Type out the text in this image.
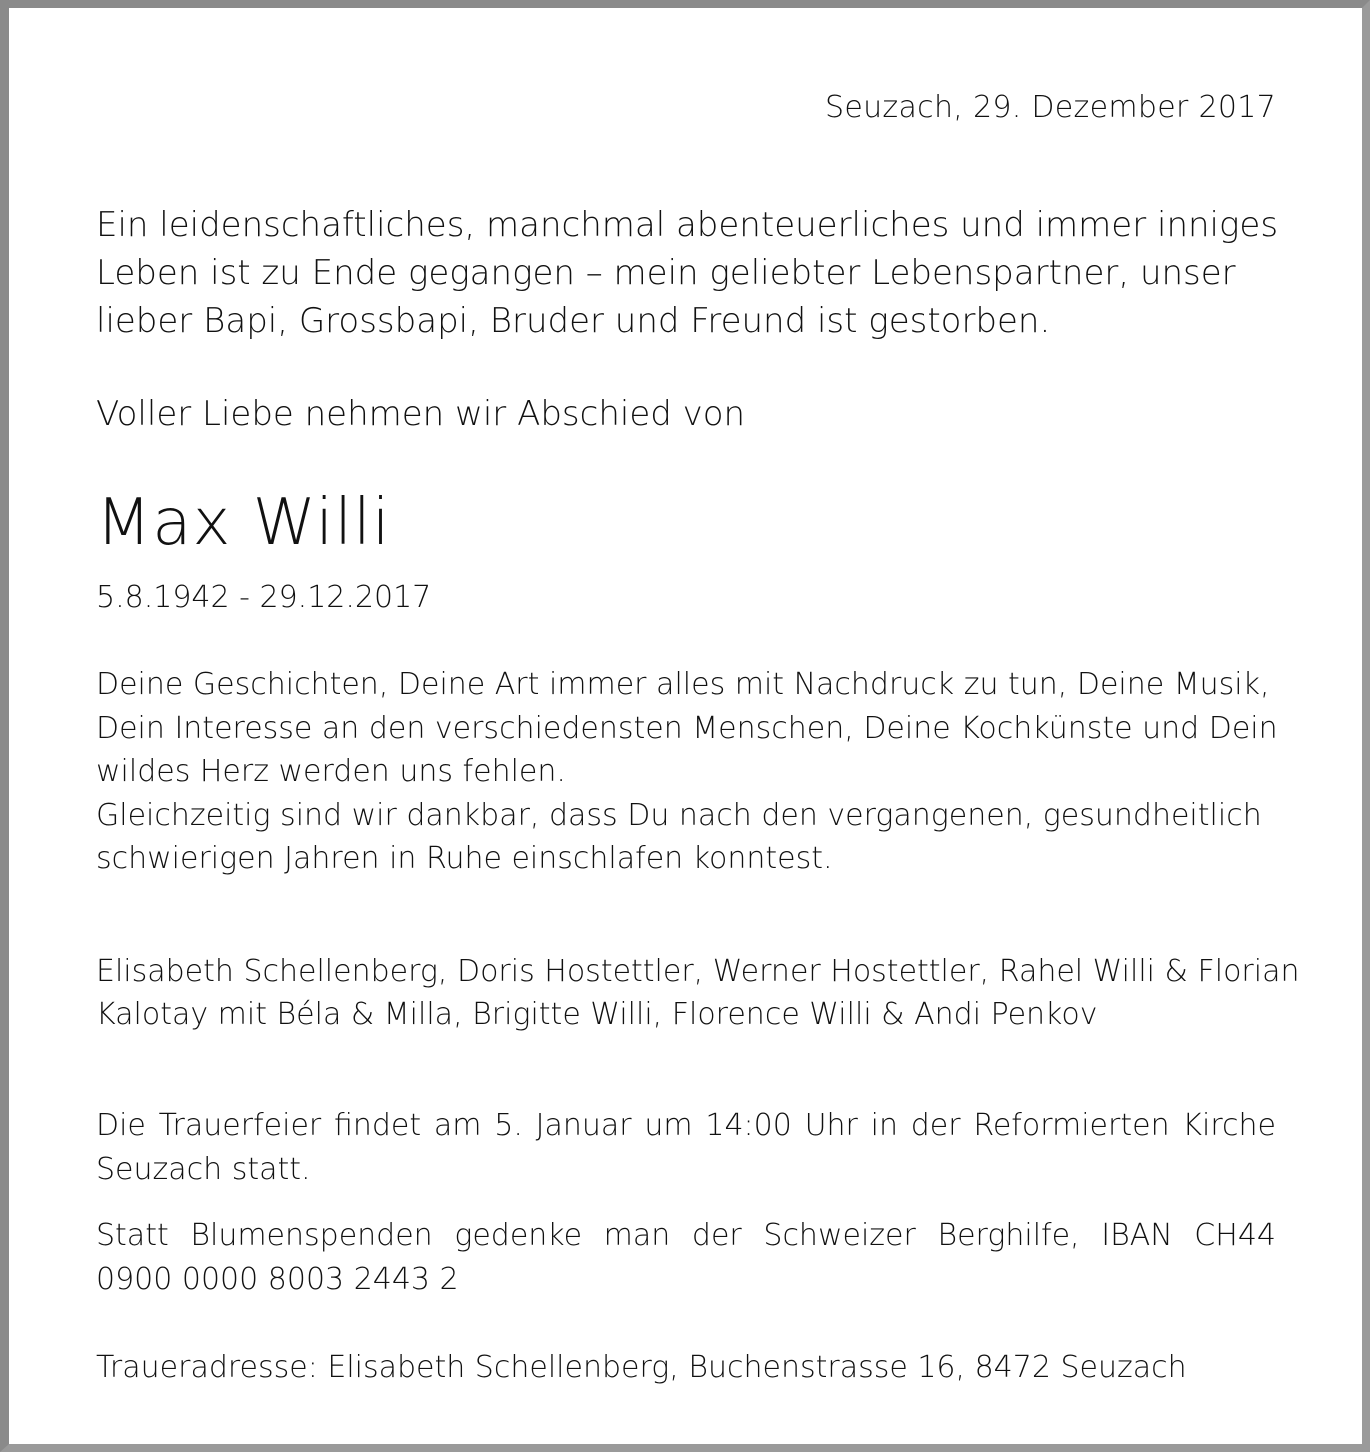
Seuzach, 29. Dezember 2017
Ein leidenschaftliches, manchmal abenteuerliches und immer inniges
Leben ist zu Ende gegangen – mein geliebter Lebenspartner, unser
lieber Bapi, Grossbapi, Bruder und Freund ist gestorben.
Voller Liebe nehmen wir Abschied von
Max Willi
5.8.1942 - 29.12.2017
Deine Geschichten, Deine Art immer alles mit Nachdruck zu tun, Deine Musik,
Dein Interesse an den verschiedensten Menschen, Deine Kochkünste und Dein
wildes Herz werden uns fehlen.
Gleichzeitig sind wir dankbar, dass Du nach den vergangenen, gesundheitlich
schwierigen Jahren in Ruhe einschlafen konntest.
Elisabeth Schellenberg, Doris Hostettler, Werner Hostettler, Rahel Willi & Florian
Kalotay mit Béla & Milla, Brigitte Willi, Florence Willi & Andi Penkov
Die Trauerfeier findet am 5. Januar um 14:00 Uhr in der Reformierten Kirche
Seuzach statt.
Statt Blumenspenden gedenke man der Schweizer Berghilfe, IBAN CH44
0900 0000 8003 2443 2
Traueradresse: Elisabeth Schellenberg, Buchenstrasse 16, 8472 Seuzach
